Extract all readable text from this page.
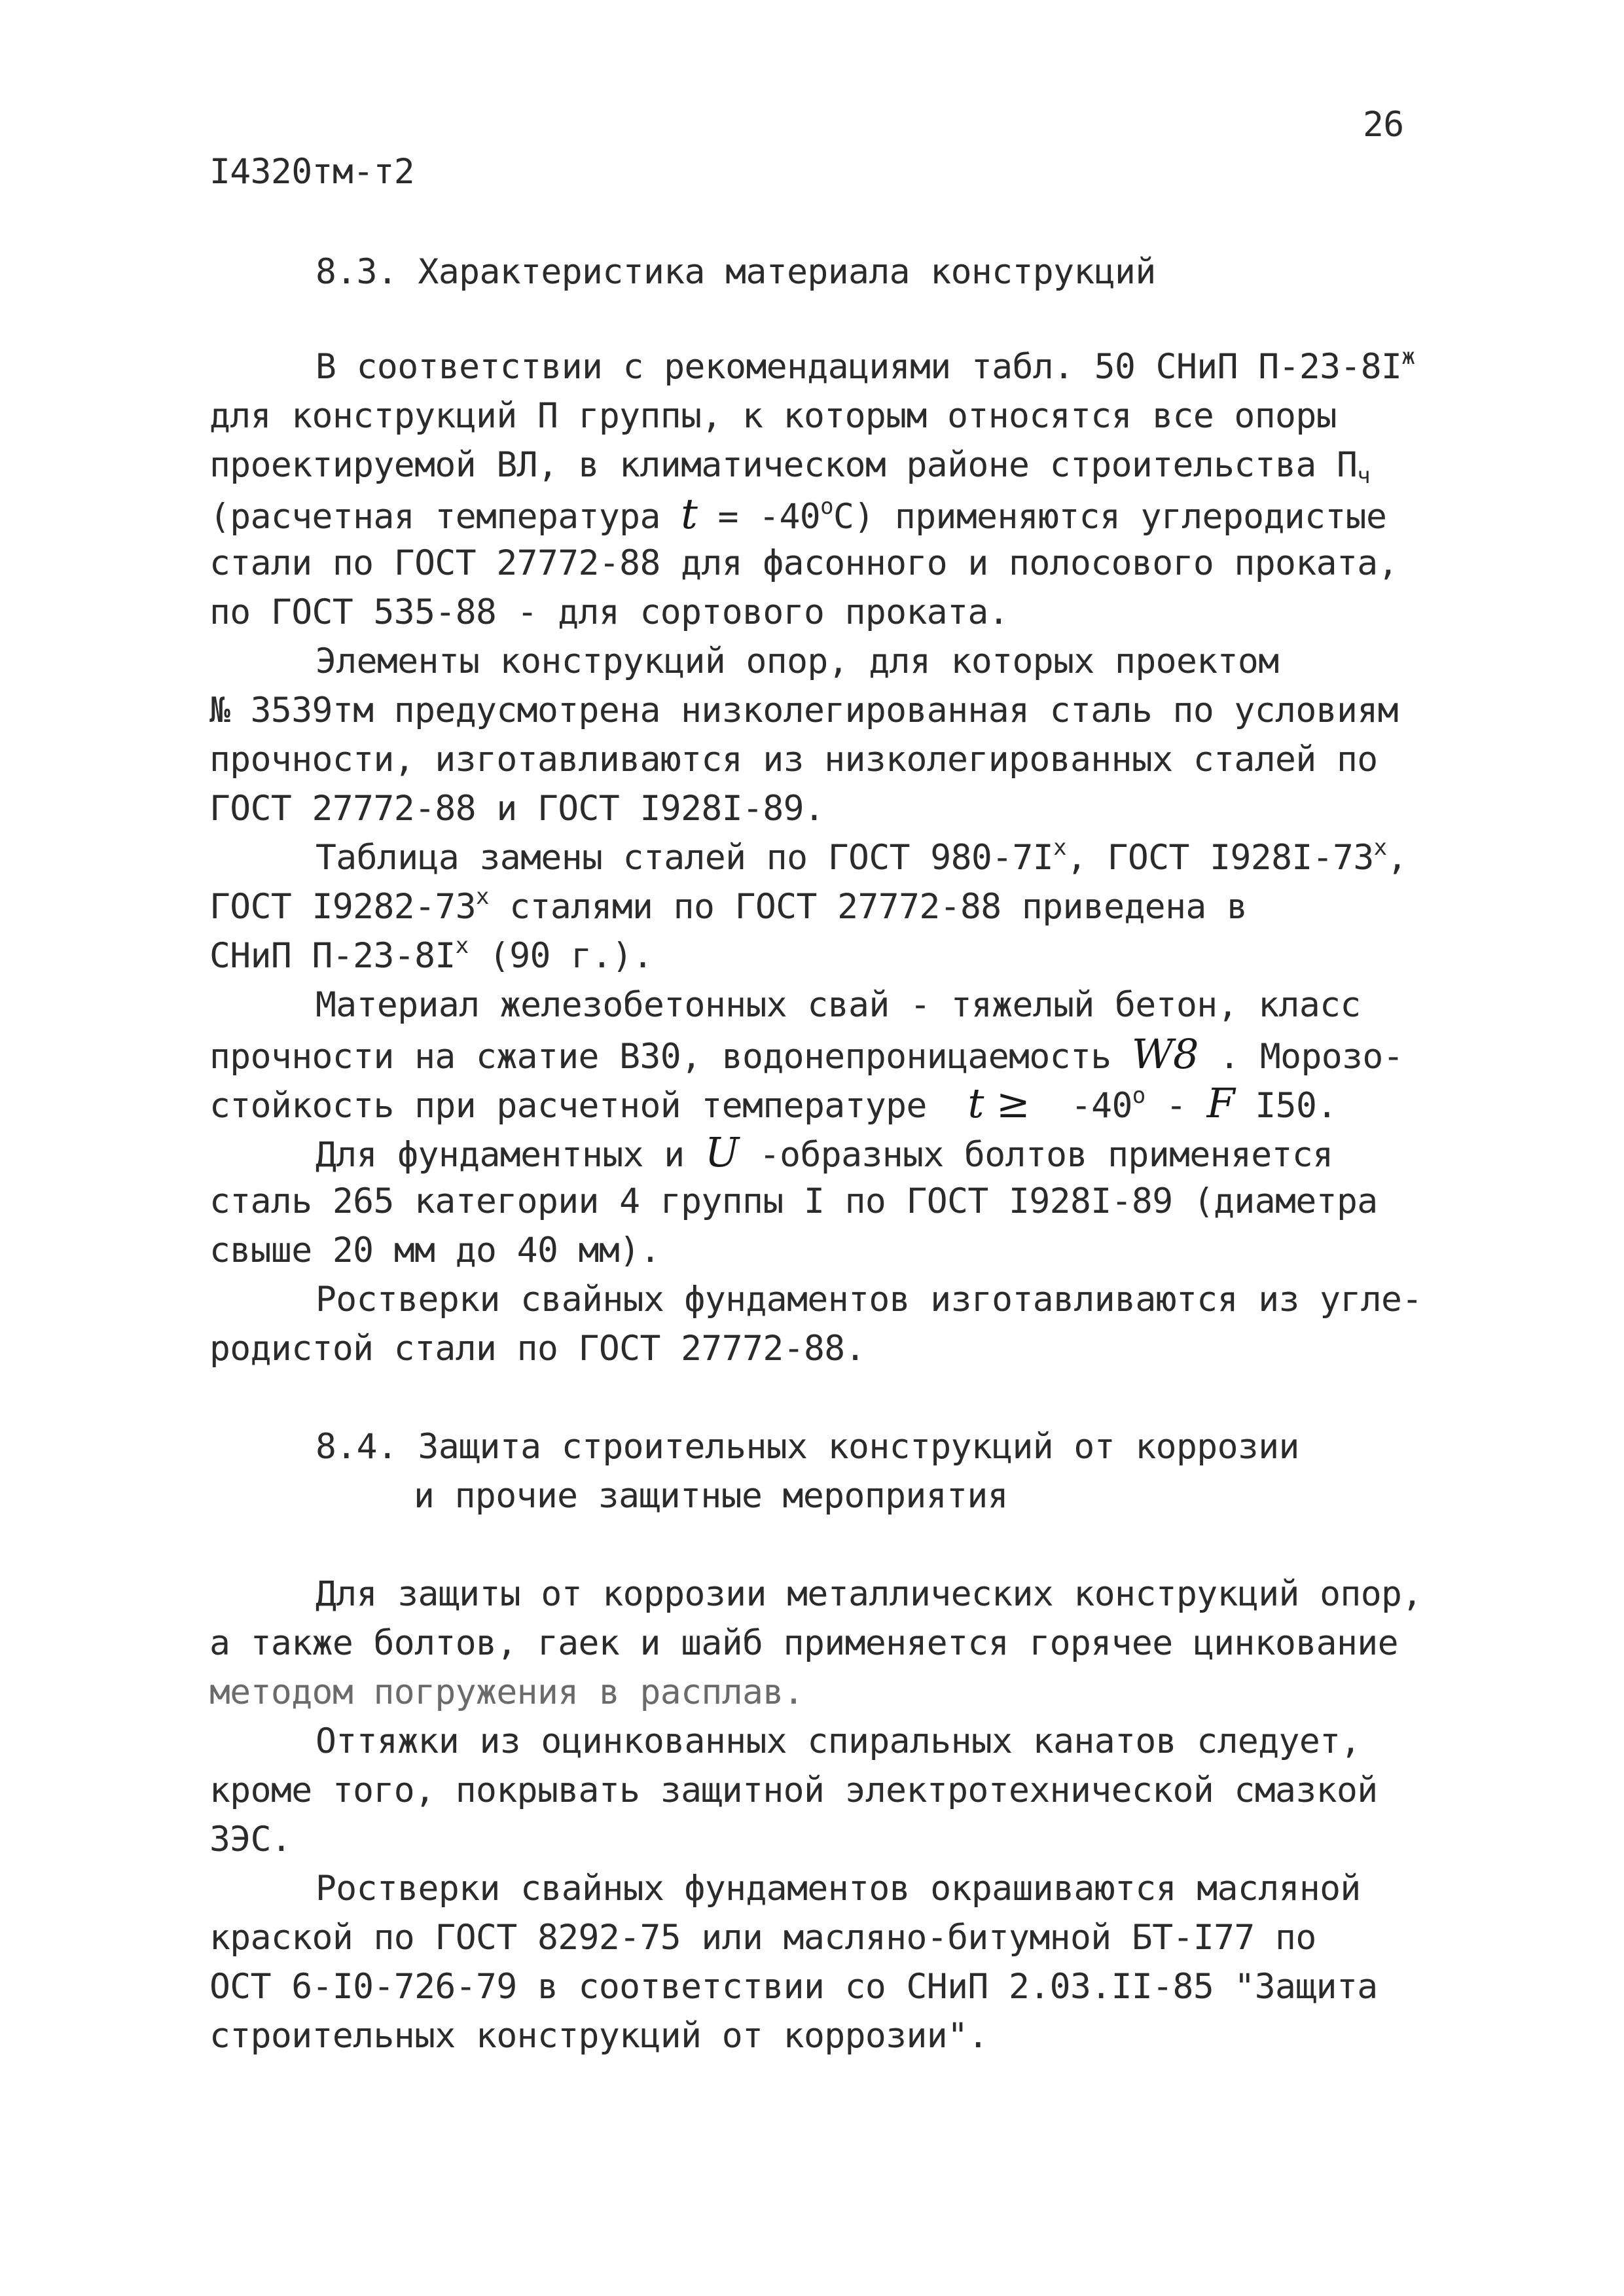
26
I4320тм-т2
8.3. Характеристика материала конструкций
В соответствии с рекомендациями табл. 50 СНиП $П-23-8I^ж$
для конструкций П группы, к которым относятся все опоры
проектируемой ВЛ, в климатическом районе строительства $П_ч$
(расчетная температура $t = -40^оС$) применяются углеродистые
стали по ГОСТ 27772-88 для фасонного и полосового проката,
по ГОСТ 535-88 - для сортового проката.
Элементы конструкций опор, для которых проектом
№ 3539тм предусмотрена низколегированная сталь по условиям
прочности, изготавливаются из низколегированных сталей по
ГОСТ 27772-88 и ГОСТ I928I-89.
Таблица замены сталей по ГОСТ $980-7I^х$, ГОСТ $I928I-73^х$,
ГОСТ $I9282-73^х$ сталями по ГОСТ 27772-88 приведена в
СНиП $П-23-8I^х$ (90 г.).
Материал железобетонных свай - тяжелый бетон, класс
прочности на сжатие В30, водонепроницаемость W8 . Морозо-
стойкость при расчетной температуре $t \ge -40^о - F$ I50.
Для фундаментных и U -образных болтов применяется
сталь 265 категории 4 группы I по ГОСТ I928I-89 (диаметра
свыше 20 мм до 40 мм).
Ростверки свайных фундаментов изготавливаются из угле-
родистой стали по ГОСТ 27772-88.
8.4. Защита строительных конструкций от коррозии
и прочие защитные мероприятия
Для защиты от коррозии металлических конструкций опор,
а также болтов, гаек и шайб применяется горячее цинкование
методом погружения в расплав.
Оттяжки из оцинкованных спиральных канатов следует,
кроме того, покрывать защитной электротехнической смазкой
ЗЭС.
Ростверки свайных фундаментов окрашиваются масляной
краской по ГОСТ 8292-75 или масляно-битумной БТ-I77 по
ОСТ 6-I0-726-79 в соответствии со СНиП 2.03.II-85 "Защита
строительных конструкций от коррозии".
